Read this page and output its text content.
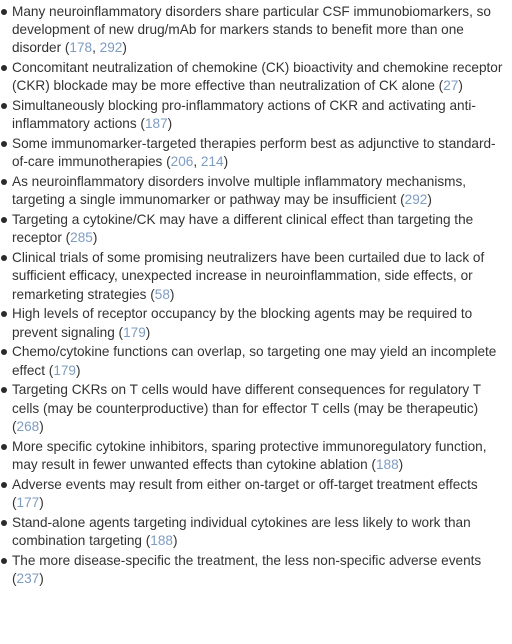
Many neuroinflammatory disorders share particular CSF immunobiomarkers, so development of new drug/mAb for markers stands to benefit more than one disorder (178, 292)
Concomitant neutralization of chemokine (CK) bioactivity and chemokine receptor (CKR) blockade may be more effective than neutralization of CK alone (27)
Simultaneously blocking pro-inflammatory actions of CKR and activating anti-inflammatory actions (187)
Some immunomarker-targeted therapies perform best as adjunctive to standard-of-care immunotherapies (206, 214)
As neuroinflammatory disorders involve multiple inflammatory mechanisms, targeting a single immunomarker or pathway may be insufficient (292)
Targeting a cytokine/CK may have a different clinical effect than targeting the receptor (285)
Clinical trials of some promising neutralizers have been curtailed due to lack of sufficient efficacy, unexpected increase in neuroinflammation, side effects, or remarketing strategies (58)
High levels of receptor occupancy by the blocking agents may be required to prevent signaling (179)
Chemo/cytokine functions can overlap, so targeting one may yield an incomplete effect (179)
Targeting CKRs on T cells would have different consequences for regulatory T cells (may be counterproductive) than for effector T cells (may be therapeutic) (268)
More specific cytokine inhibitors, sparing protective immunoregulatory function, may result in fewer unwanted effects than cytokine ablation (188)
Adverse events may result from either on-target or off-target treatment effects (177)
Stand-alone agents targeting individual cytokines are less likely to work than combination targeting (188)
The more disease-specific the treatment, the less non-specific adverse events (237)
